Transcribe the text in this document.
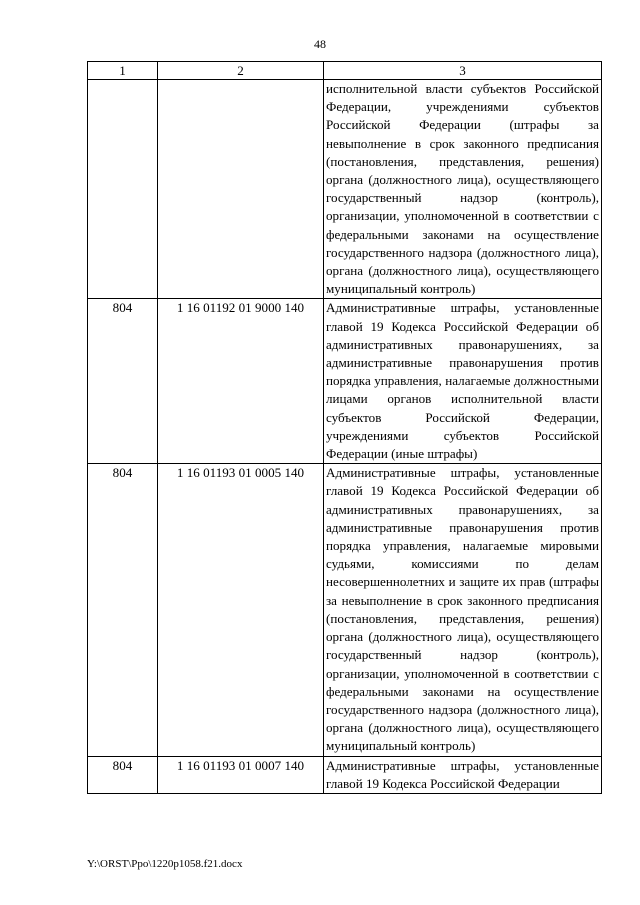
48
1	2	3
		исполнительной власти субъектов Российской Федерации, учреждениями субъектов Российской Федерации (штрафы за невыполнение в срок законного предписания (постановления, представления, решения) органа (должностного лица), осуществляющего государственный надзор (контроль), организации, уполномоченной в соответствии с федеральными законами на осуществление государственного надзора (должностного лица), органа (должностного лица), осуществляющего муниципальный контроль)
804	1 16 01192 01 9000 140	Административные штрафы, установленные главой 19 Кодекса Российской Федерации об административных правонарушениях, за административные правонарушения против порядка управления, налагаемые должностными лицами органов исполнительной власти субъектов Российской Федерации, учреждениями субъектов Российской Федерации (иные штрафы)
804	1 16 01193 01 0005 140	Административные штрафы, установленные главой 19 Кодекса Российской Федерации об административных правонарушениях, за административные правонарушения против порядка управления, налагаемые мировыми судьями, комиссиями по делам несовершеннолетних и защите их прав (штрафы за невыполнение в срок законного предписания (постановления, представления, решения) органа (должностного лица), осуществляющего государственный надзор (контроль), организации, уполномоченной в соответствии с федеральными законами на осуществление государственного надзора (должностного лица), органа (должностного лица), осуществляющего муниципальный контроль)
804	1 16 01193 01 0007 140	Административные штрафы, установленные главой 19 Кодекса Российской Федерации
Y:\ORST\Ppo\1220p1058.f21.docx
